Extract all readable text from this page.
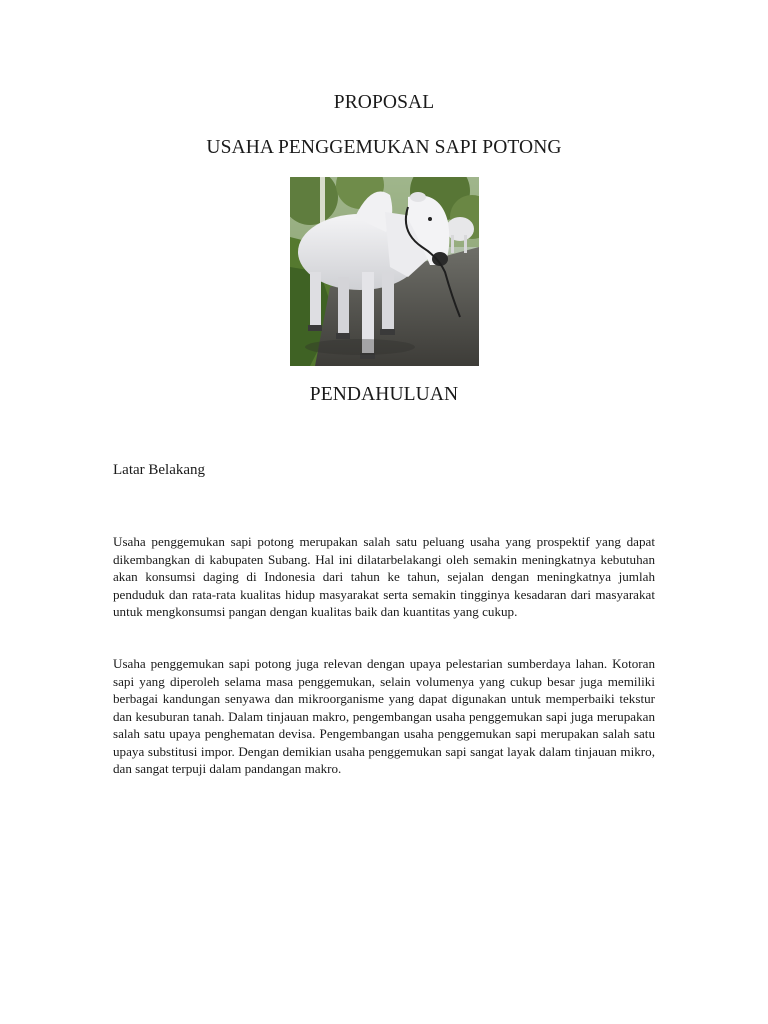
PROPOSAL
USAHA PENGGEMUKAN SAPI POTONG
PENDAHULUAN
Latar Belakang

Usaha penggemukan sapi potong merupakan salah satu peluang usaha yang prospektif yang dapat dikembangkan di kabupaten Subang. Hal ini dilatarbelakangi oleh semakin meningkatnya kebutuhan akan konsumsi daging di Indonesia dari tahun ke tahun, sejalan dengan meningkatnya jumlah penduduk dan rata-rata kualitas hidup masyarakat serta semakin tingginya kesadaran dari masyarakat untuk mengkonsumsi pangan dengan kualitas baik dan kuantitas yang cukup.

Usaha penggemukan sapi potong juga relevan dengan upaya pelestarian sumberdaya lahan. Kotoran sapi yang diperoleh selama masa penggemukan, selain volumenya yang cukup besar juga memiliki berbagai kandungan senyawa dan mikroorganisme yang dapat digunakan untuk memperbaiki tekstur dan kesuburan tanah. Dalam tinjauan makro, pengembangan usaha penggemukan sapi juga merupakan salah satu upaya penghematan devisa. Pengembangan usaha penggemukan sapi merupakan salah satu upaya substitusi impor. Dengan demikian usaha penggemukan sapi sangat layak dalam tinjauan mikro, dan sangat terpuji dalam pandangan makro.
